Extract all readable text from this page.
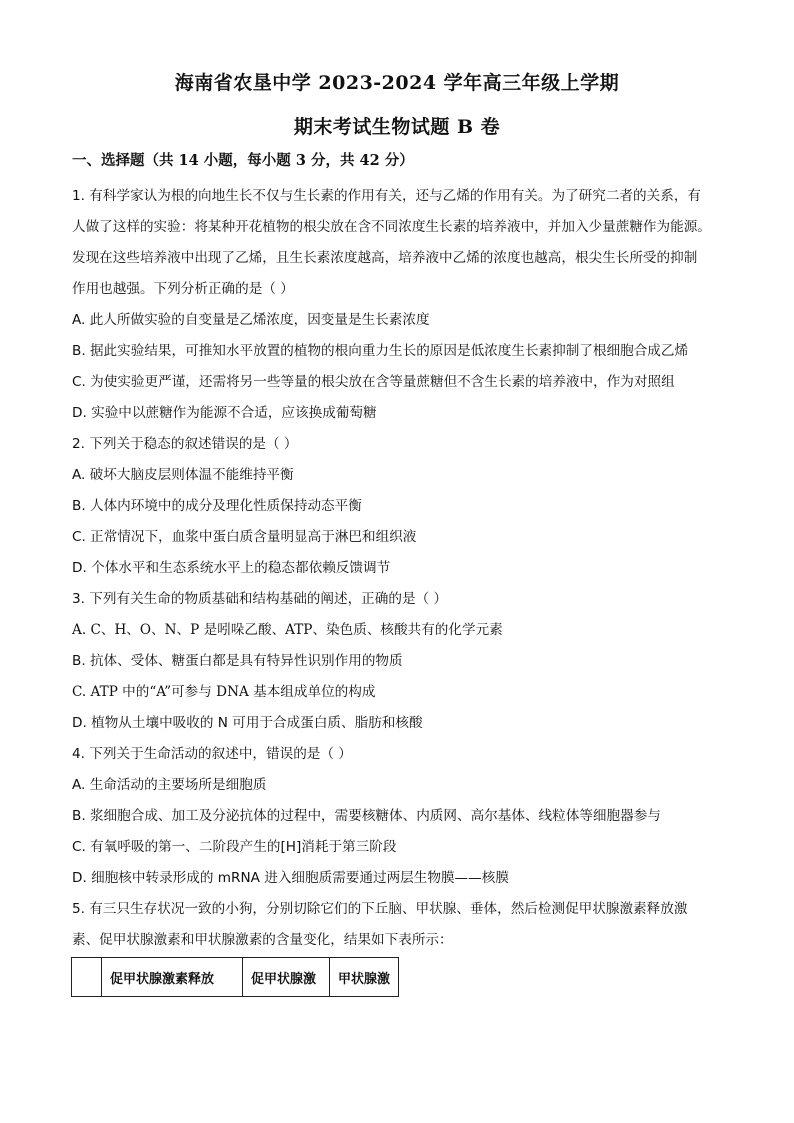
海南省农垦中学 2023-2024 学年高三年级上学期
期末考试生物试题 B 卷
一、选择题（共 14 小题，每小题 3 分，共 42 分）
1. 有科学家认为根的向地生长不仅与生长素的作用有关，还与乙烯的作用有关。为了研究二者的关系，有
人做了这样的实验：将某种开花植物的根尖放在含不同浓度生长素的培养液中，并加入少量蔗糖作为能源。
发现在这些培养液中出现了乙烯，且生长素浓度越高，培养液中乙烯的浓度也越高，根尖生长所受的抑制
作用也越强。下列分析正确的是（ ）
A. 此人所做实验的自变量是乙烯浓度，因变量是生长素浓度
B. 据此实验结果，可推知水平放置的植物的根向重力生长的原因是低浓度生长素抑制了根细胞合成乙烯
C. 为使实验更严谨，还需将另一些等量的根尖放在含等量蔗糖但不含生长素的培养液中，作为对照组
D. 实验中以蔗糖作为能源不合适，应该换成葡萄糖
2. 下列关于稳态的叙述错误的是（ ）
A. 破坏大脑皮层则体温不能维持平衡
B. 人体内环境中的成分及理化性质保持动态平衡
C. 正常情况下，血浆中蛋白质含量明显高于淋巴和组织液
D. 个体水平和生态系统水平上的稳态都依赖反馈调节
3. 下列有关生命的物质基础和结构基础的阐述，正确的是（ ）
A. C、H、O、N、P 是吲哚乙酸、ATP、染色质、核酸共有的化学元素
B. 抗体、受体、糖蛋白都是具有特异性识别作用的物质
C. ATP 中的“A”可参与 DNA 基本组成单位的构成
D. 植物从土壤中吸收的 N 可用于合成蛋白质、脂肪和核酸
4. 下列关于生命活动的叙述中，错误的是（ ）
A. 生命活动的主要场所是细胞质
B. 浆细胞合成、加工及分泌抗体的过程中，需要核糖体、内质网、高尔基体、线粒体等细胞器参与
C. 有氧呼吸的第一、二阶段产生的[H]消耗于第三阶段
D. 细胞核中转录形成的 mRNA 进入细胞质需要通过两层生物膜——核膜
5. 有三只生存状况一致的小狗，分别切除它们的下丘脑、甲状腺、垂体，然后检测促甲状腺激素释放激
素、促甲状腺激素和甲状腺激素的含量变化，结果如下表所示：
	促甲状腺激素释放	促甲状腺激	甲状腺激
